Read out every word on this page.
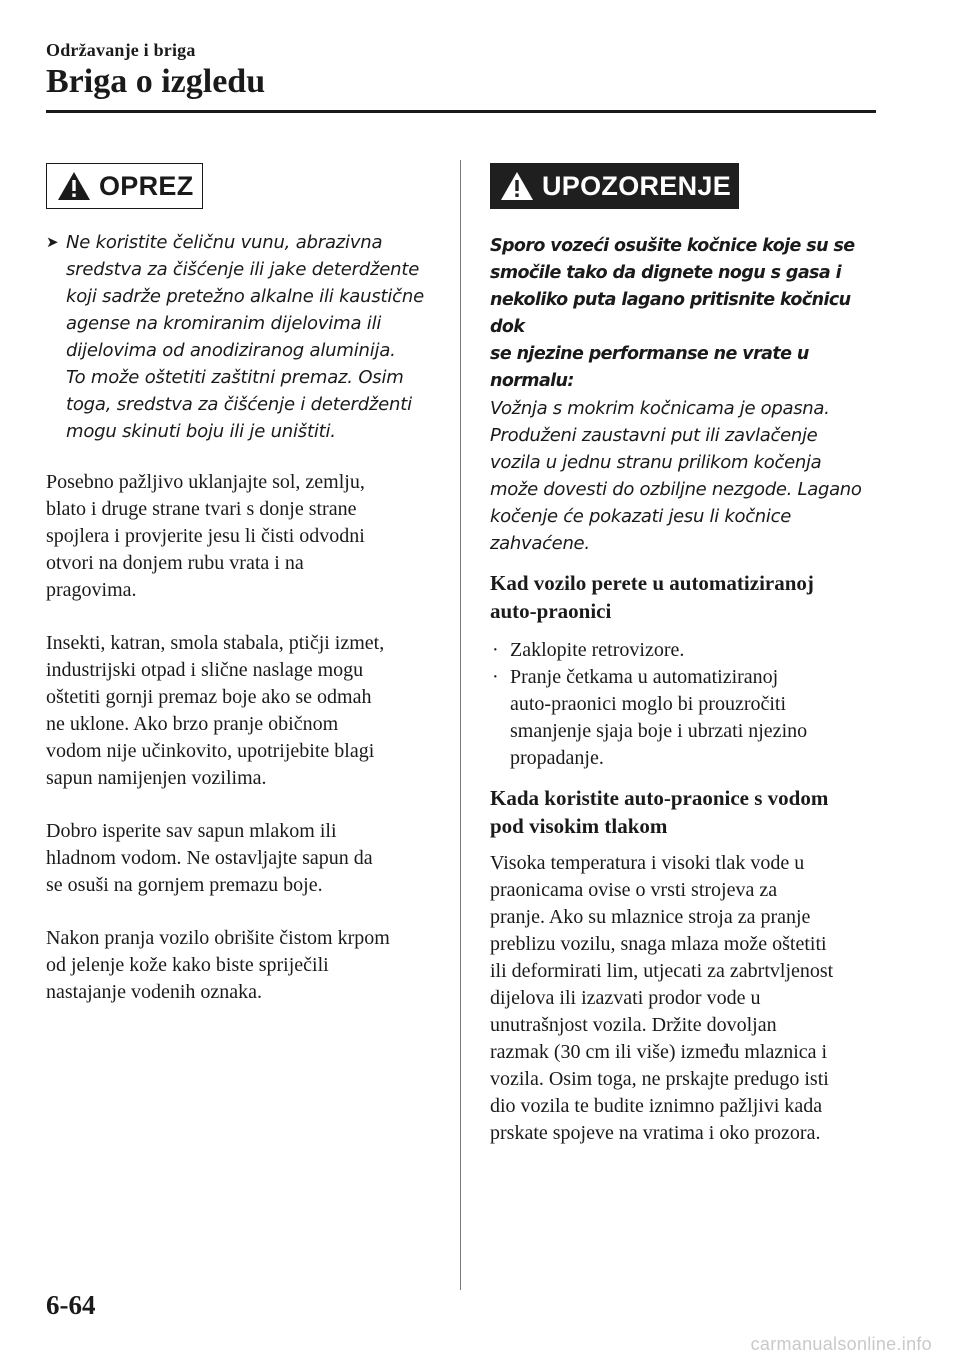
Održavanje i briga
Briga o izgledu
OPREZ
➤ Ne koristite čeličnu vunu, abrazivna
sredstva za čišćenje ili jake deterdžente
koji sadrže pretežno alkalne ili kaustične
agense na kromiranim dijelovima ili
dijelovima od anodiziranog aluminija.
To može oštetiti zaštitni premaz. Osim
toga, sredstva za čišćenje i deterdženti
mogu skinuti boju ili je uništiti.
Posebno pažljivo uklanjajte sol, zemlju,
blato i druge strane tvari s donje strane
spojlera i provjerite jesu li čisti odvodni
otvori na donjem rubu vrata i na
pragovima.
Insekti, katran, smola stabala, ptičji izmet,
industrijski otpad i slične naslage mogu
oštetiti gornji premaz boje ako se odmah
ne uklone. Ako brzo pranje običnom
vodom nije učinkovito, upotrijebite blagi
sapun namijenjen vozilima.
Dobro isperite sav sapun mlakom ili
hladnom vodom. Ne ostavljajte sapun da
se osuši na gornjem premazu boje.
Nakon pranja vozilo obrišite čistom krpom
od jelenje kože kako biste spriječili
nastajanje vodenih oznaka.
UPOZORENJE
Sporo vozeći osušite kočnice koje su se
smočile tako da dignete nogu s gasa i
nekoliko puta lagano pritisnite kočnicu dok
se njezine performanse ne vrate u normalu:
Vožnja s mokrim kočnicama je opasna.
Produženi zaustavni put ili zavlačenje
vozila u jednu stranu prilikom kočenja
može dovesti do ozbiljne nezgode. Lagano
kočenje će pokazati jesu li kočnice
zahvaćene.
Kad vozilo perete u automatiziranoj
auto-praonici
· Zaklopite retrovizore.
· Pranje četkama u automatiziranoj
auto-praonici moglo bi prouzročiti
smanjenje sjaja boje i ubrzati njezino
propadanje.
Kada koristite auto-praonice s vodom
pod visokim tlakom
Visoka temperatura i visoki tlak vode u
praonicama ovise o vrsti strojeva za
pranje. Ako su mlaznice stroja za pranje
preblizu vozilu, snaga mlaza može oštetiti
ili deformirati lim, utjecati za zabrtvljenost
dijelova ili izazvati prodor vode u
unutrašnjost vozila. Držite dovoljan
razmak (30 cm ili više) između mlaznica i
vozila. Osim toga, ne prskajte predugo isti
dio vozila te budite iznimno pažljivi kada
prskate spojeve na vratima i oko prozora.
6-64
carmanualsonline.info
